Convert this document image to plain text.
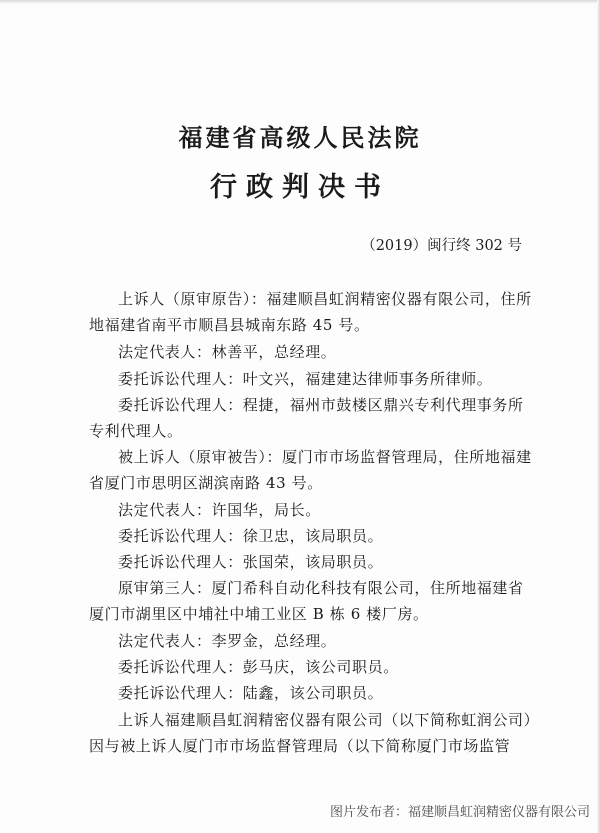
福建省高级人民法院
行政判决书
（2019）闽行终 302 号
上诉人（原审原告）：福建顺昌虹润精密仪器有限公司，住所
地福建省南平市顺昌县城南东路 45 号。
法定代表人：林善平，总经理。
委托诉讼代理人：叶文兴，福建建达律师事务所律师。
委托诉讼代理人：程捷，福州市鼓楼区鼎兴专利代理事务所
专利代理人。
被上诉人（原审被告）：厦门市市场监督管理局，住所地福建
省厦门市思明区湖滨南路 43 号。
法定代表人：许国华，局长。
委托诉讼代理人：徐卫忠，该局职员。
委托诉讼代理人：张国荣，该局职员。
原审第三人：厦门希科自动化科技有限公司，住所地福建省
厦门市湖里区中埔社中埔工业区 B 栋 6 楼厂房。
法定代表人：李罗金，总经理。
委托诉讼代理人：彭马庆，该公司职员。
委托诉讼代理人：陆鑫，该公司职员。
上诉人福建顺昌虹润精密仪器有限公司（以下简称虹润公司）
因与被上诉人厦门市市场监督管理局（以下简称厦门市场监管
图片发布者：福建顺昌虹润精密仪器有限公司
